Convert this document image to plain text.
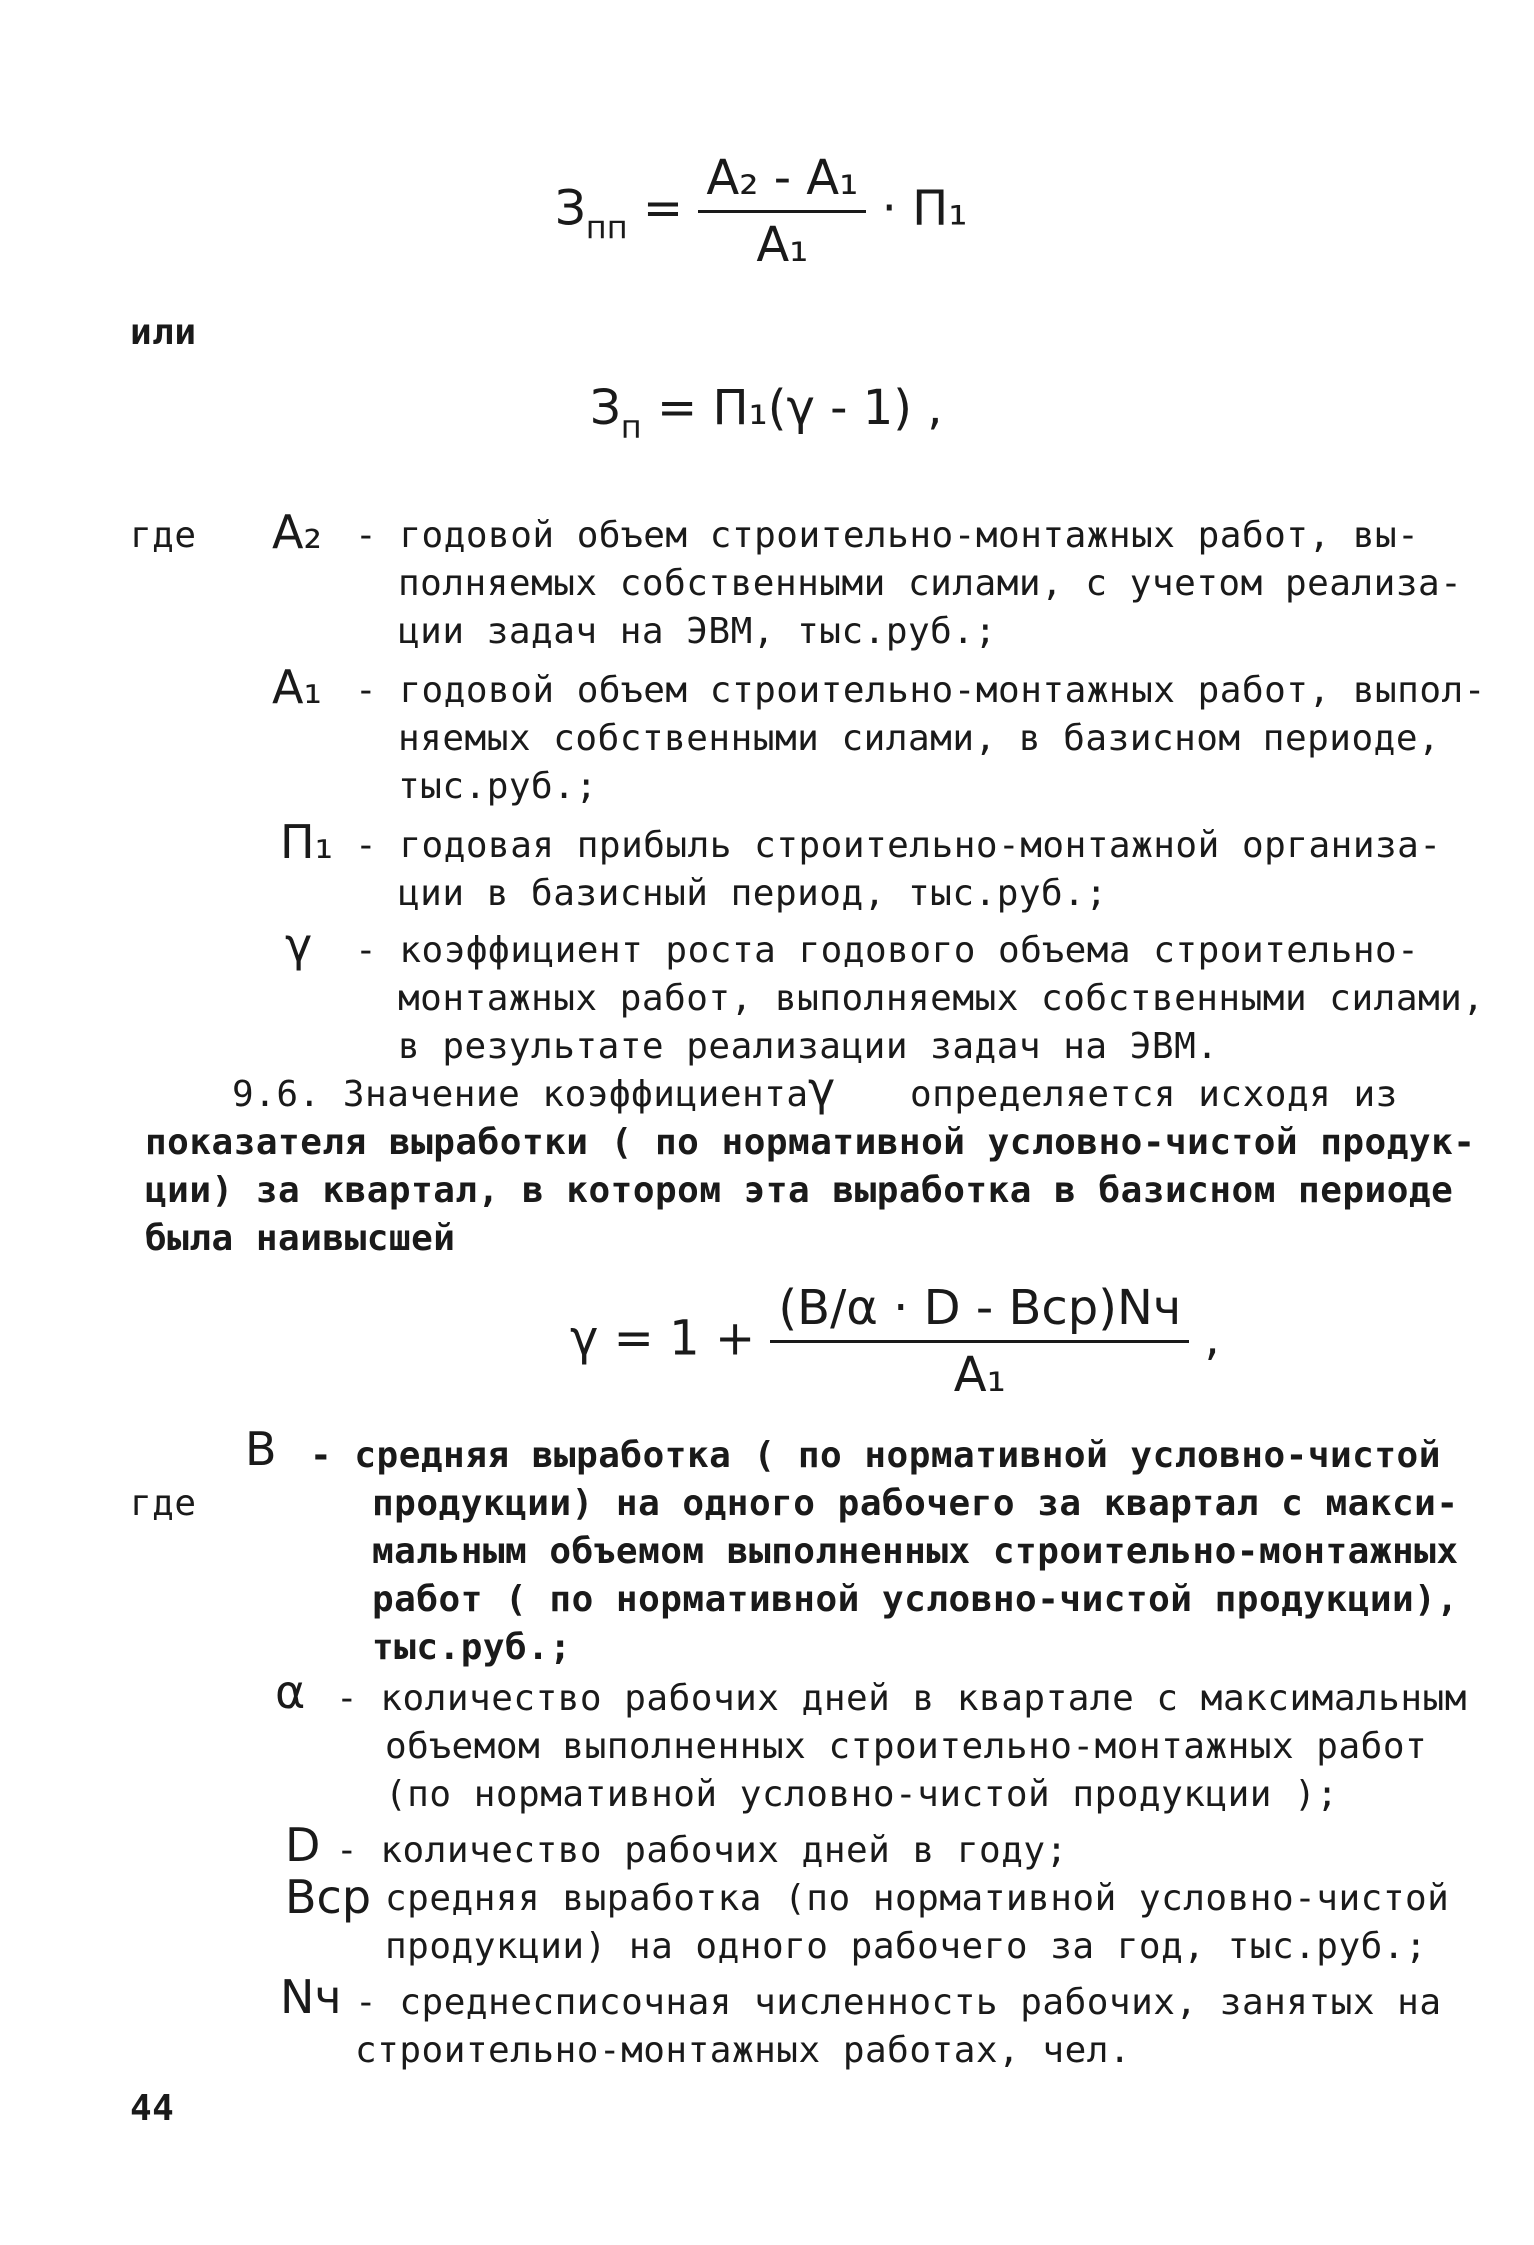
$З_{пп} = \frac{\text{A₂ - A₁}}{\text{A₁}} \cdot П_1$
или
$З_п = П_1(\gamma - 1)$ ,
где A₂ - годовой объем строительно-монтажных работ, вы-
полняемых собственными силами, с учетом реализа-
ции задач на ЭВМ, тыс.руб.;
A₁ - годовой объем строительно-монтажных работ, выпол-
няемых собственными силами, в базисном периоде,
тыс.руб.;
П₁ - годовая прибыль строительно-монтажной организа-
ции в базисный период, тыс.руб.;
γ - коэффициент роста годового объема строительно-
монтажных работ, выполняемых собственными силами,
в результате реализации задач на ЭВМ.
9.6. Значение коэффициента γ определяется исходя из
показателя выработки ( по нормативной условно-чистой продук-
ции) за квартал, в котором эта выработка в базисном периоде
была наивысшей
$\gamma = 1 + \frac{\text{(B/α · D - Bср)Nч}}{\text{A₁}}$ ,
где
B - средняя выработка ( по нормативной условно-чистой
продукции) на одного рабочего за квартал с макси-
мальным объемом выполненных строительно-монтажных
работ ( по нормативной условно-чистой продукции),
тыс.руб.;
α - количество рабочих дней в квартале с максимальным
объемом выполненных строительно-монтажных работ
(по нормативной условно-чистой продукции );
D - количество рабочих дней в году;
Bср средняя выработка (по нормативной условно-чистой
продукции) на одного рабочего за год, тыс.руб.;
Nч - среднесписочная численность рабочих, занятых на
строительно-монтажных работах, чел.
44
